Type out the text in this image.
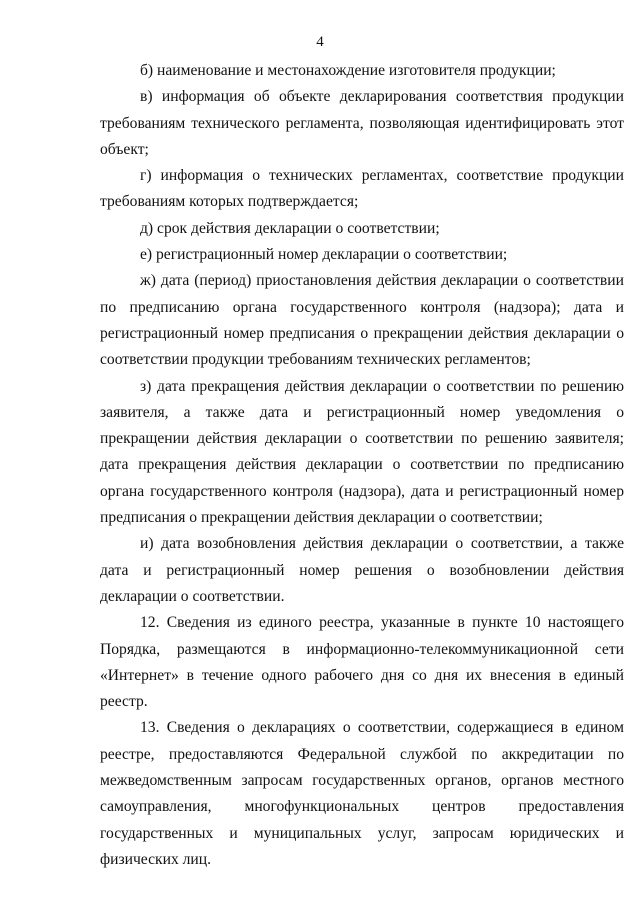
4

б) наименование и местонахождение изготовителя продукции;

в) информация об объекте декларирования соответствия продукции требованиям технического регламента, позволяющая идентифицировать этот объект;

г) информация о технических регламентах, соответствие продукции требованиям которых подтверждается;

д) срок действия декларации о соответствии;

е) регистрационный номер декларации о соответствии;

ж) дата (период) приостановления действия декларации о соответствии по предписанию органа государственного контроля (надзора); дата и регистрационный номер предписания о прекращении действия декларации о соответствии продукции требованиям технических регламентов;

з) дата прекращения действия декларации о соответствии по решению заявителя, а также дата и регистрационный номер уведомления о прекращении действия декларации о соответствии по решению заявителя; дата прекращения действия декларации о соответствии по предписанию органа государственного контроля (надзора), дата и регистрационный номер предписания о прекращении действия декларации о соответствии;

и) дата возобновления действия декларации о соответствии, а также дата и регистрационный номер решения о возобновлении действия декларации о соответствии.

12. Сведения из единого реестра, указанные в пункте 10 настоящего Порядка, размещаются в информационно-телекоммуникационной сети «Интернет» в течение одного рабочего дня со дня их внесения в единый реестр.

13. Сведения о декларациях о соответствии, содержащиеся в едином реестре, предоставляются Федеральной службой по аккредитации по межведомственным запросам государственных органов, органов местного самоуправления, многофункциональных центров предоставления государственных и муниципальных услуг, запросам юридических и физических лиц.
